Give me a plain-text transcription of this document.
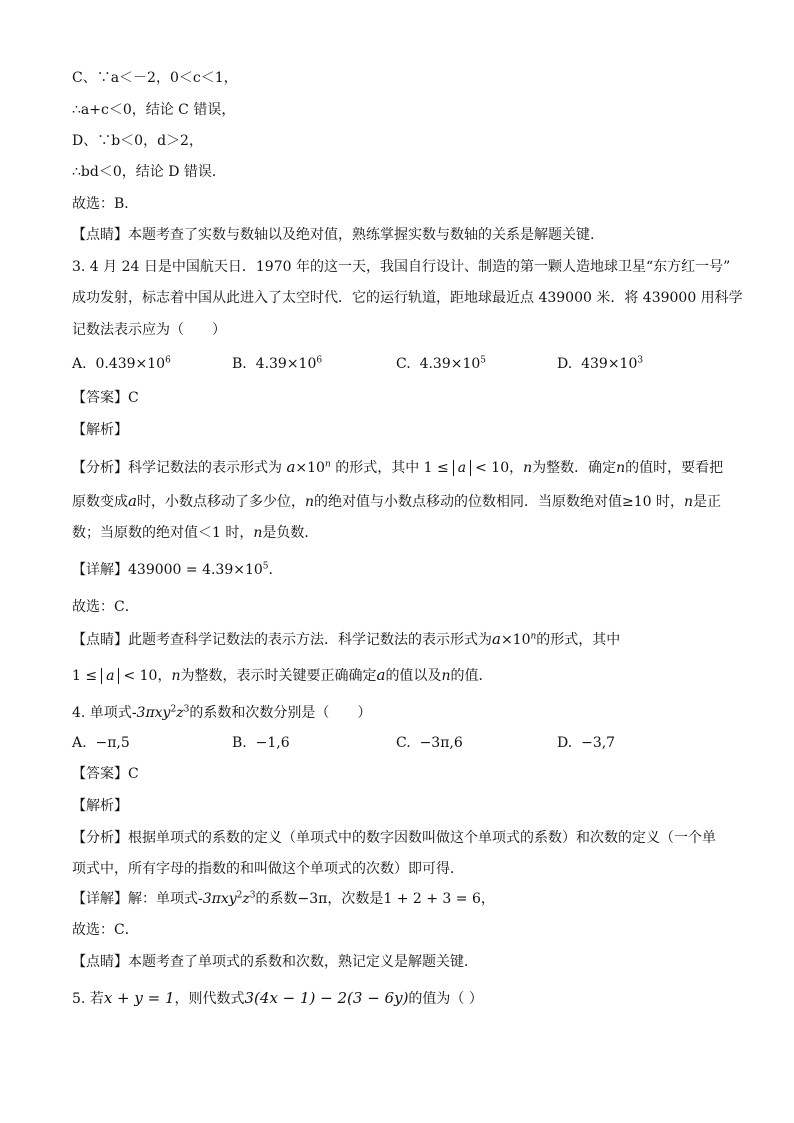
C、∵a＜－2，0＜c＜1，
∴a+c＜0，结论 C 错误，
D、∵b＜0，d＞2，
∴bd＜0，结论 D 错误．
故选：B．
【点睛】本题考查了实数与数轴以及绝对值，熟练掌握实数与数轴的关系是解题关键.
3. 4 月 24 日是中国航天日．1970 年的这一天，我国自行设计、制造的第一颗人造地球卫星“东方红一号”
成功发射，标志着中国从此进入了太空时代．它的运行轨道，距地球最近点 439000 米．将 439000 用科学
记数法表示应为（　　）
A. $0.439\times 10^6$	B. $4.39\times 10^6$	C. $4.39\times 10^5$	D. $439\times 10^3$
【答案】C
【解析】
【分析】科学记数法的表示形式为 $a\times 10^n$ 的形式，其中 1 ≤ a < 10，n为整数．确定n的值时，要看把
原数变成a时，小数点移动了多少位，n的绝对值与小数点移动的位数相同．当原数绝对值≥10 时，n是正
数；当原数的绝对值＜1 时，n是负数．
【详解】$439000 = 4.39\times 10^5$．
故选：C．
【点睛】此题考查科学记数法的表示方法．科学记数法的表示形式为$a\times 10^n$的形式，其中
1 ≤ a < 10，n为整数，表示时关键要正确确定a的值以及n的值．
4. 单项式$-3\pi xy^2z^3$的系数和次数分别是（　　）
A. −π,5	B. −1,6	C. −3π,6	D. −3,7
【答案】C
【解析】
【分析】根据单项式的系数的定义（单项式中的数字因数叫做这个单项式的系数）和次数的定义（一个单
项式中，所有字母的指数的和叫做这个单项式的次数）即可得．
【详解】解：单项式$-3\pi xy^2z^3$的系数−3π，次数是1 + 2 + 3 = 6，
故选：C．
【点睛】本题考查了单项式的系数和次数，熟记定义是解题关键．
5. 若x + y = 1，则代数式3(4x − 1) − 2(3 − 6y)的值为（ ）
